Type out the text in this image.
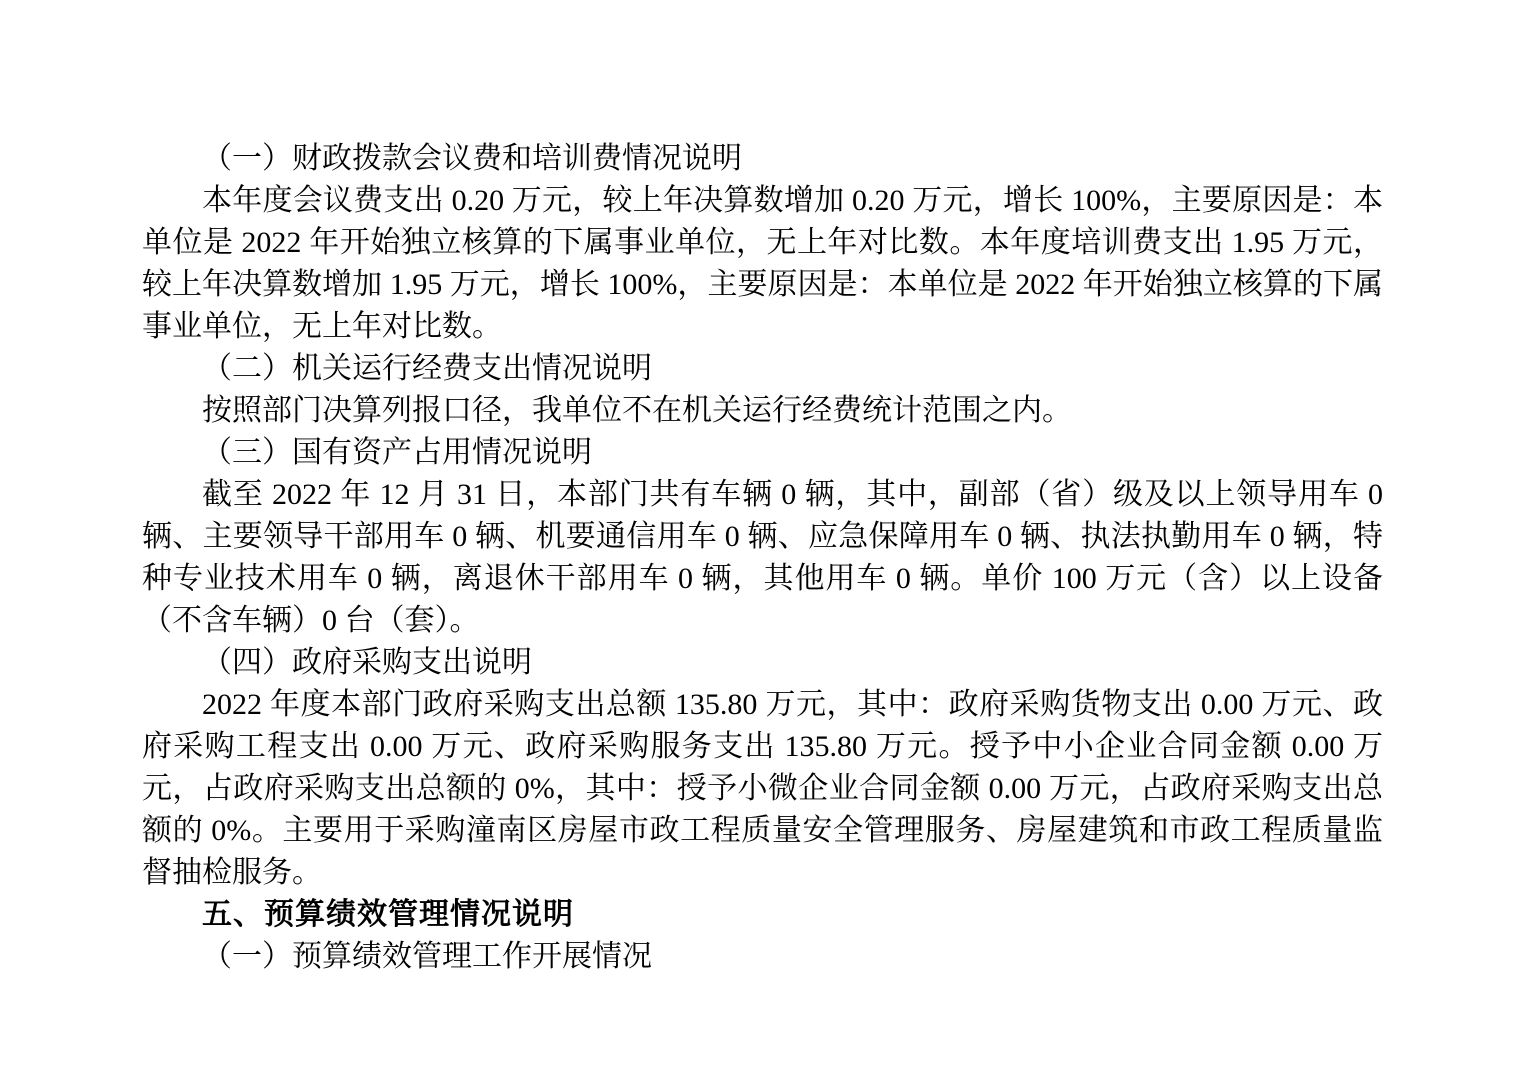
（一）财政拨款会议费和培训费情况说明

本年度会议费支出 0.20 万元，较上年决算数增加 0.20 万元，增长 100%，主要原因是：本单位是 2022 年开始独立核算的下属事业单位，无上年对比数。本年度培训费支出 1.95 万元，较上年决算数增加 1.95 万元，增长 100%，主要原因是：本单位是 2022 年开始独立核算的下属事业单位，无上年对比数。

（二）机关运行经费支出情况说明

按照部门决算列报口径，我单位不在机关运行经费统计范围之内。

（三）国有资产占用情况说明

截至 2022 年 12 月 31 日，本部门共有车辆 0 辆，其中，副部（省）级及以上领导用车 0 辆、主要领导干部用车 0 辆、机要通信用车 0 辆、应急保障用车 0 辆、执法执勤用车 0 辆，特种专业技术用车 0 辆，离退休干部用车 0 辆，其他用车 0 辆。单价 100 万元（含）以上设备（不含车辆）0 台（套）。

（四）政府采购支出说明

2022 年度本部门政府采购支出总额 135.80 万元，其中：政府采购货物支出 0.00 万元、政府采购工程支出 0.00 万元、政府采购服务支出 135.80 万元。授予中小企业合同金额 0.00 万元，占政府采购支出总额的 0%，其中：授予小微企业合同金额 0.00 万元，占政府采购支出总额的 0%。主要用于采购潼南区房屋市政工程质量安全管理服务、房屋建筑和市政工程质量监督抽检服务。

五、预算绩效管理情况说明

（一）预算绩效管理工作开展情况
